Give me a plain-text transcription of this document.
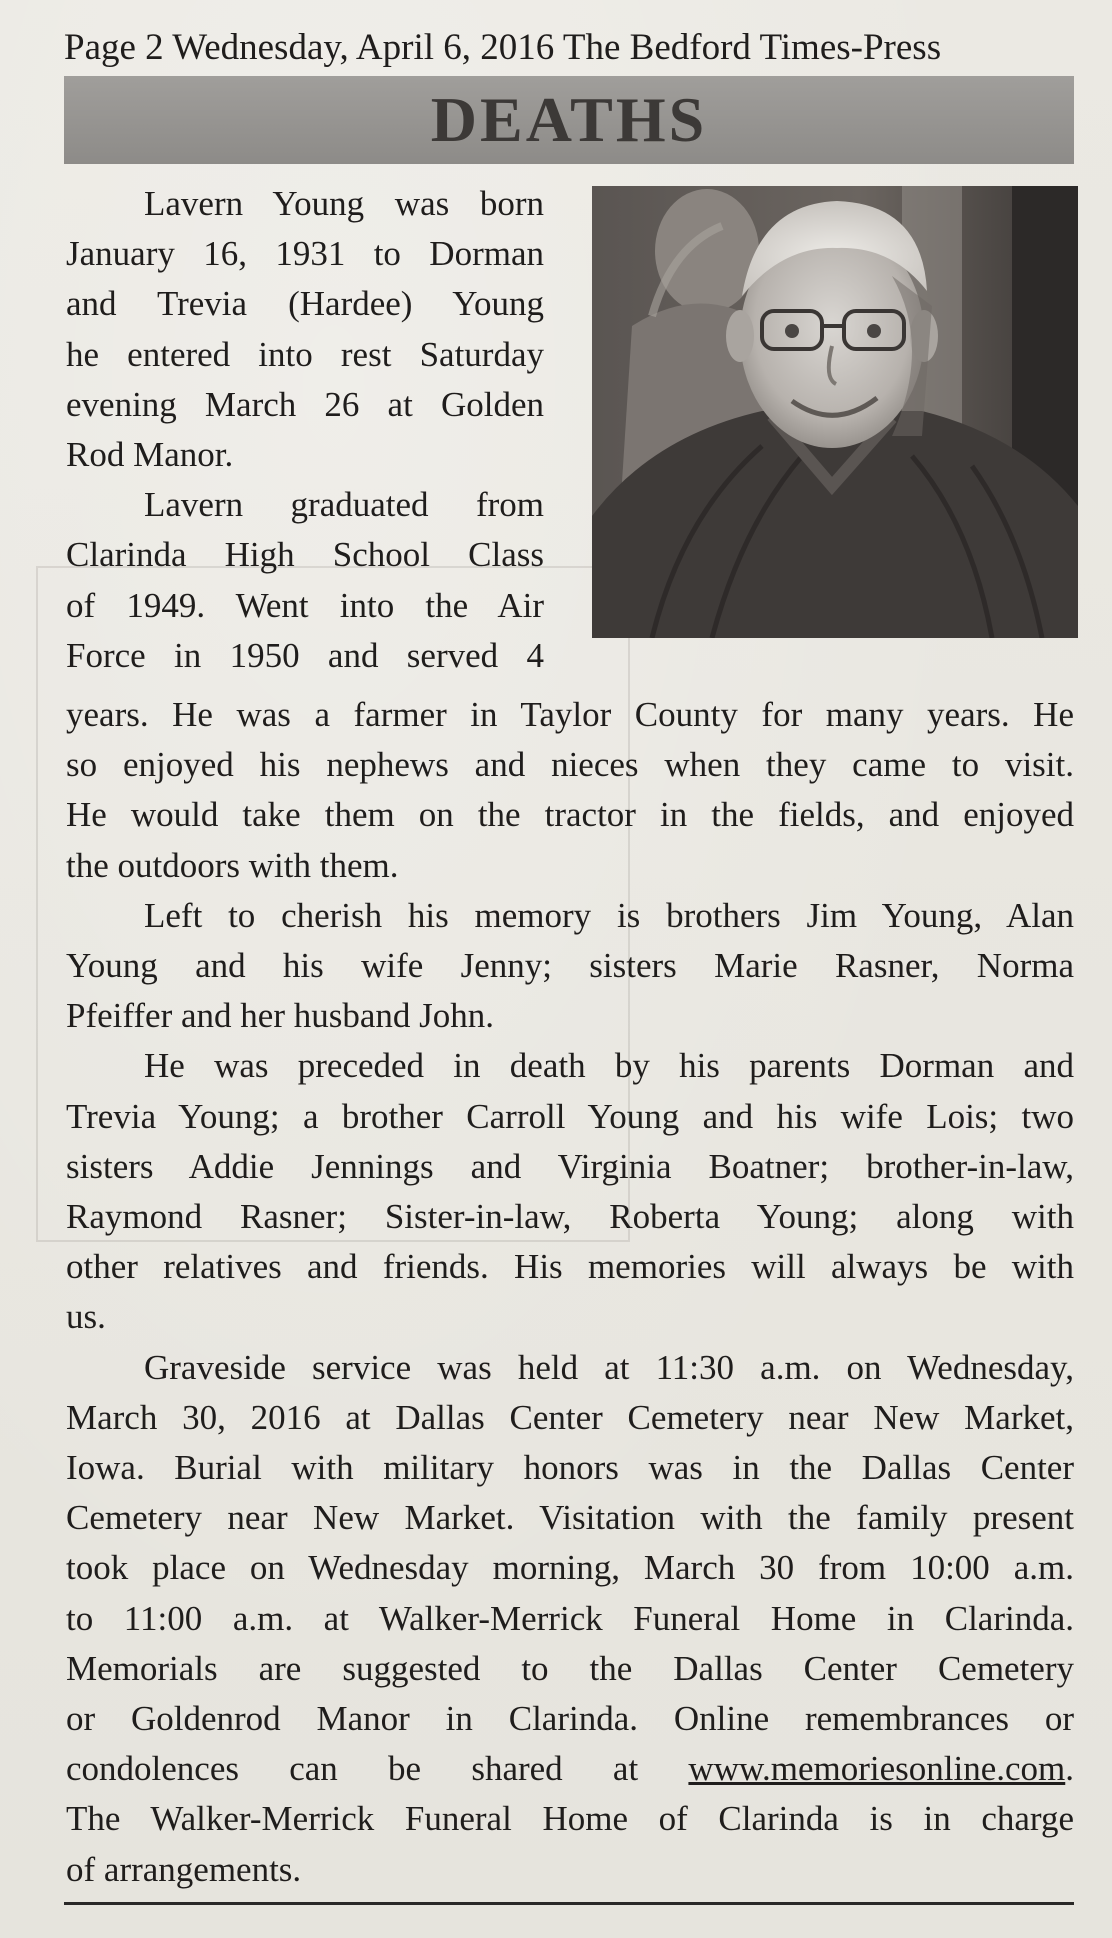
Page 2 Wednesday, April 6, 2016 The Bedford Times-Press
DEATHS

Lavern Young was born

January 16, 1931 to Dorman

and Trevia (Hardee) Young

he entered into rest Saturday

evening March 26 at Golden

Rod Manor.

Lavern graduated from

Clarinda High School Class

of 1949. Went into the Air

Force in 1950 and served 4

years. He was a farmer in Taylor County for many years. He

so enjoyed his nephews and nieces when they came to visit.

He would take them on the tractor in the fields, and enjoyed

the outdoors with them.

Left to cherish his memory is brothers Jim Young, Alan

Young and his wife Jenny; sisters Marie Rasner, Norma

Pfeiffer and her husband John.

He was preceded in death by his parents Dorman and

Trevia Young; a brother Carroll Young and his wife Lois; two

sisters Addie Jennings and Virginia Boatner; brother-in-law,

Raymond Rasner; Sister-in-law, Roberta Young; along with

other relatives and friends. His memories will always be with

us.

Graveside service was held at 11:30 a.m. on Wednesday,

March 30, 2016 at Dallas Center Cemetery near New Market,

Iowa. Burial with military honors was in the Dallas Center

Cemetery near New Market. Visitation with the family present

took place on Wednesday morning, March 30 from 10:00 a.m.

to 11:00 a.m. at Walker-Merrick Funeral Home in Clarinda.

Memorials are suggested to the Dallas Center Cemetery

or Goldenrod Manor in Clarinda. Online remembrances or

condolences can be shared at www.memoriesonline.com.

The Walker-Merrick Funeral Home of Clarinda is in charge

of arrangements.
